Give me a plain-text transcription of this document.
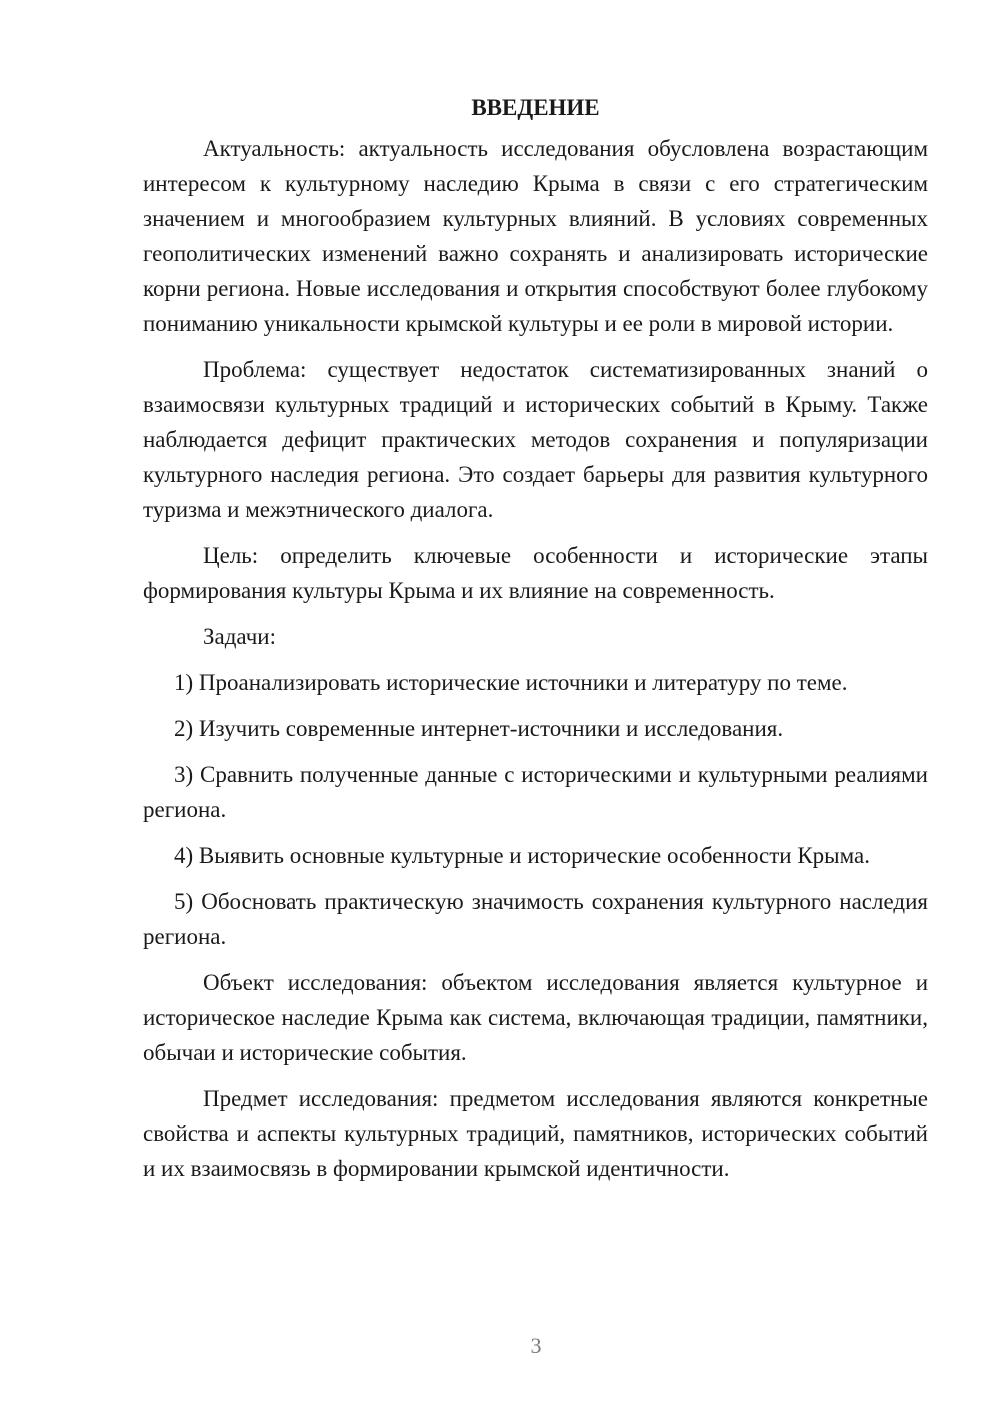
ВВЕДЕНИЕ

Актуальность: актуальность исследования обусловлена возрастающим интересом к культурному наследию Крыма в связи с его стратегическим значением и многообразием культурных влияний. В условиях современных геополитических изменений важно сохранять и анализировать исторические корни региона. Новые исследования и открытия способствуют более глубокому пониманию уникальности крымской культуры и ее роли в мировой истории.

Проблема: существует недостаток систематизированных знаний о взаимосвязи культурных традиций и исторических событий в Крыму. Также наблюдается дефицит практических методов сохранения и популяризации культурного наследия региона. Это создает барьеры для развития культурного туризма и межэтнического диалога.

Цель: определить ключевые особенности и исторические этапы формирования культуры Крыма и их влияние на современность.

Задачи:

1) Проанализировать исторические источники и литературу по теме.

2) Изучить современные интернет-источники и исследования.

3) Сравнить полученные данные с историческими и культурными реалиями региона.

4) Выявить основные культурные и исторические особенности Крыма.

5) Обосновать практическую значимость сохранения культурного наследия региона.

Объект исследования: объектом исследования является культурное и историческое наследие Крыма как система, включающая традиции, памятники, обычаи и исторические события.

Предмет исследования: предметом исследования являются конкретные свойства и аспекты культурных традиций, памятников, исторических событий и их взаимосвязь в формировании крымской идентичности.

3
